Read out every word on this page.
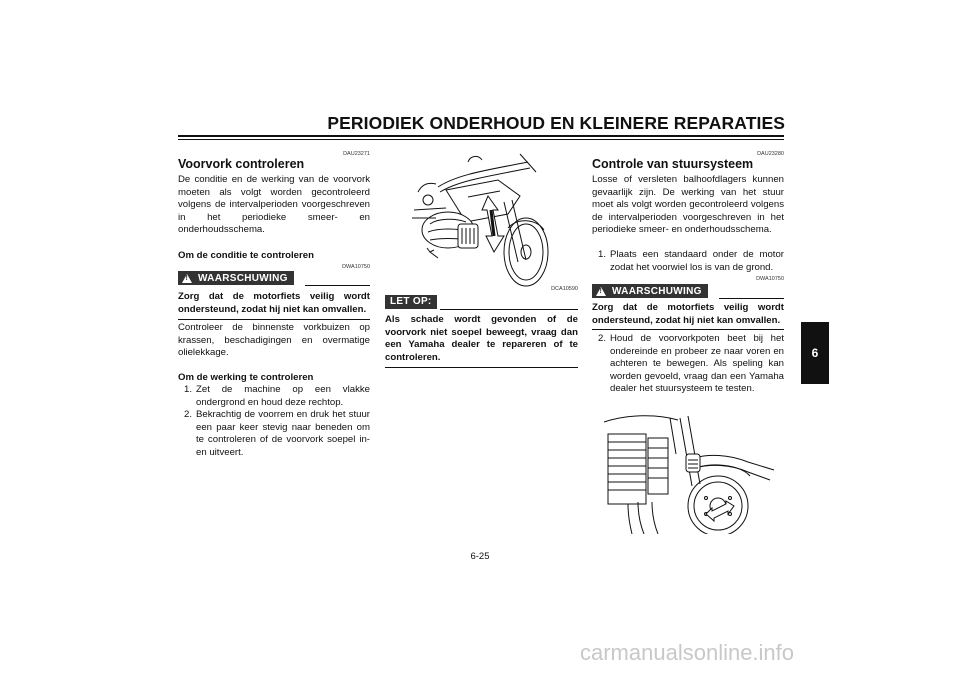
PERIODIEK ONDERHOUD EN KLEINERE REPARATIES
DAU23271
Voorvork controleren

De conditie en de werking van de voorvork moeten als volgt worden gecontroleerd volgens de intervalperioden voorgeschreven in het periodieke smeer- en onderhoudsschema.

Om de conditie te controleren
! WAARSCHUWING
DWA10750
Zorg dat de motorfiets veilig wordt ondersteund, zodat hij niet kan omvallen.

Controleer de binnenste vorkbuizen op krassen, beschadigingen en overmatige olielekkage.

Om de werking te controleren
1. Zet de machine op een vlakke ondergrond en houd deze rechtop.
2. Bekrachtig de voorrem en druk het stuur een paar keer stevig naar beneden om te controleren of de voorvork soepel in- en uitveert.
DCA10590
LET OP:
Als schade wordt gevonden of de voorvork niet soepel beweegt, vraag dan een Yamaha dealer te repareren of te controleren.
DAU23280
Controle van stuursysteem

Losse of versleten balhoofdlagers kunnen gevaarlijk zijn. De werking van het stuur moet als volgt worden gecontroleerd volgens de intervalperioden voorgeschreven in het periodieke smeer- en onderhoudsschema.

1. Plaats een standaard onder de motor zodat het voorwiel los is van de grond.
DWA10750
! WAARSCHUWING
Zorg dat de motorfiets veilig wordt ondersteund, zodat hij niet kan omvallen.
2. Houd de voorvorkpoten beet bij het ondereinde en probeer ze naar voren en achteren te bewegen. Als speling kan worden gevoeld, vraag dan een Yamaha dealer het stuursysteem te testen.
6
6-25
carmanualsonline.info
